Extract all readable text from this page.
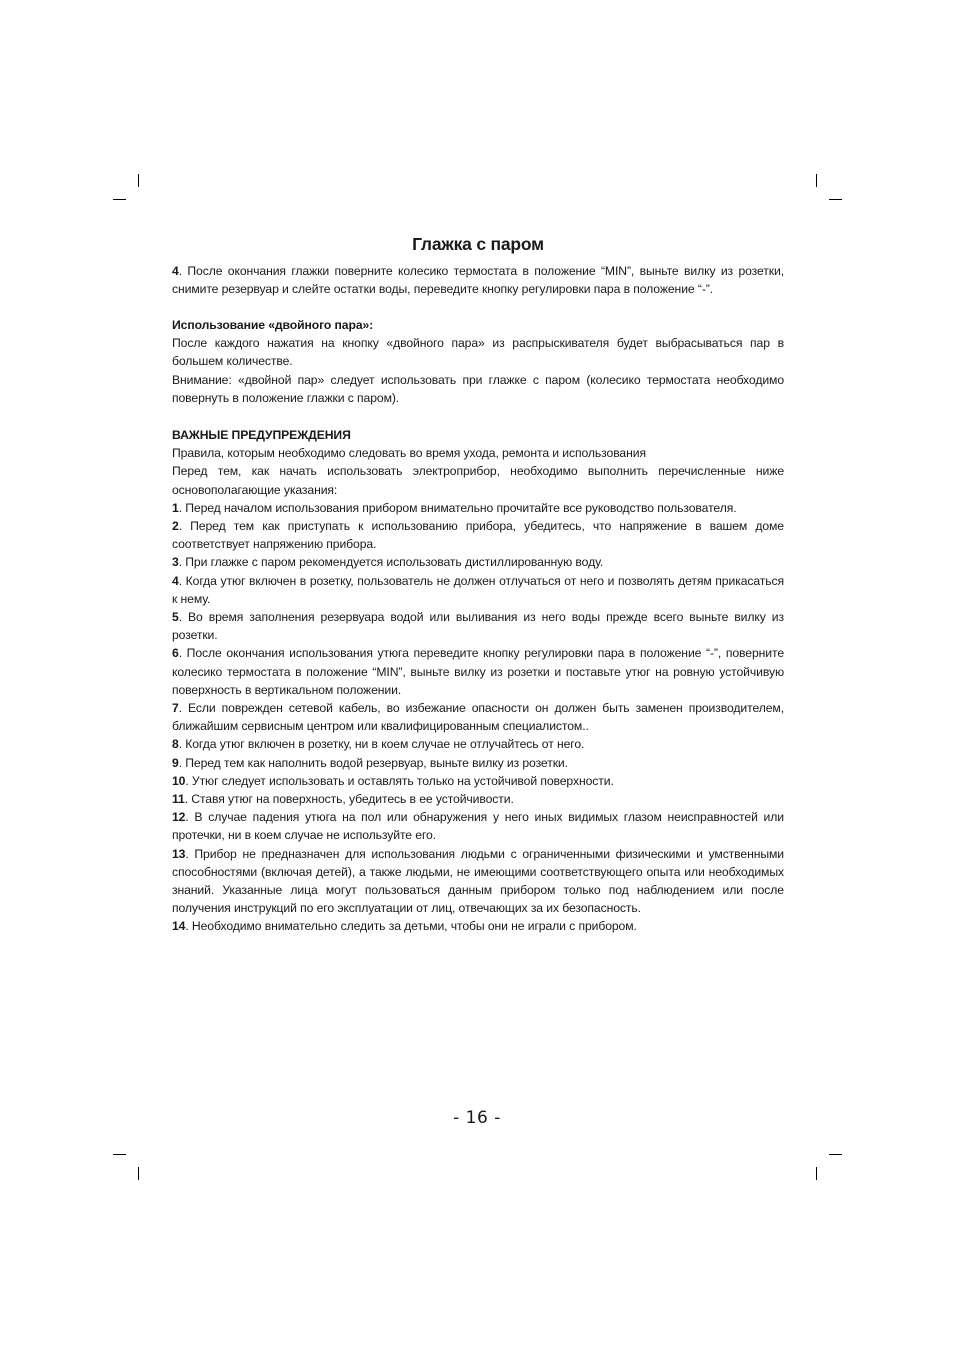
Глажка с паром

4. После окончания глажки поверните колесико термостата в положение “MIN”, выньте вилку из розетки, снимите резервуар и слейте остатки воды, переведите кнопку регулировки пара в положение “-”.

Использование «двойного пара»:

После каждого нажатия на кнопку «двойного пара» из распрыскивателя будет выбрасываться пар в большем количестве.

Внимание: «двойной пар» следует использовать при глажке с паром (колесико термостата необходимо повернуть в положение глажки с паром).

ВАЖНЫЕ ПРЕДУПРЕЖДЕНИЯ

Правила, которым необходимо следовать во время ухода, ремонта и использования

Перед тем, как начать использовать электроприбор, необходимо выполнить перечисленные ниже основополагающие указания:

1. Перед началом использования прибором внимательно прочитайте все руководство пользователя.

2. Перед тем как приступать к использованию прибора, убедитесь, что напряжение в вашем доме соответствует напряжению прибора.

3. При глажке с паром рекомендуется использовать дистиллированную воду.

4. Когда утюг включен в розетку, пользователь не должен отлучаться от него и позволять детям прикасаться к нему.

5. Во время заполнения резервуара водой или выливания из него воды прежде всего выньте вилку из розетки.

6. После окончания использования утюга переведите кнопку регулировки пара в положение “-”, поверните колесико термостата в положение “MIN”, выньте вилку из розетки и поставьте утюг на ровную устойчивую поверхность в вертикальном положении.

7. Если поврежден сетевой кабель, во избежание опасности он должен быть заменен производителем, ближайшим сервисным центром или квалифицированным специалистом..

8. Когда утюг включен в розетку, ни в коем случае не отлучайтесь от него.

9. Перед тем как наполнить водой резервуар, выньте вилку из розетки.

10. Утюг следует использовать и оставлять только на устойчивой поверхности.

11. Ставя утюг на поверхность, убедитесь в ее устойчивости.

12. В случае падения утюга на пол или обнаружения у него иных видимых глазом неисправностей или протечки, ни в коем случае не используйте его.

13. Прибор не предназначен для использования людьми с ограниченными физическими и умственными способностями (включая детей), а также людьми, не имеющими соответствующего опыта или необходимых знаний. Указанные лица могут пользоваться данным прибором только под наблюдением или после получения инструкций по его эксплуатации от лиц, отвечающих за их безопасность.

14. Необходимо внимательно следить за детьми, чтобы они не играли с прибором.

- 16 -
